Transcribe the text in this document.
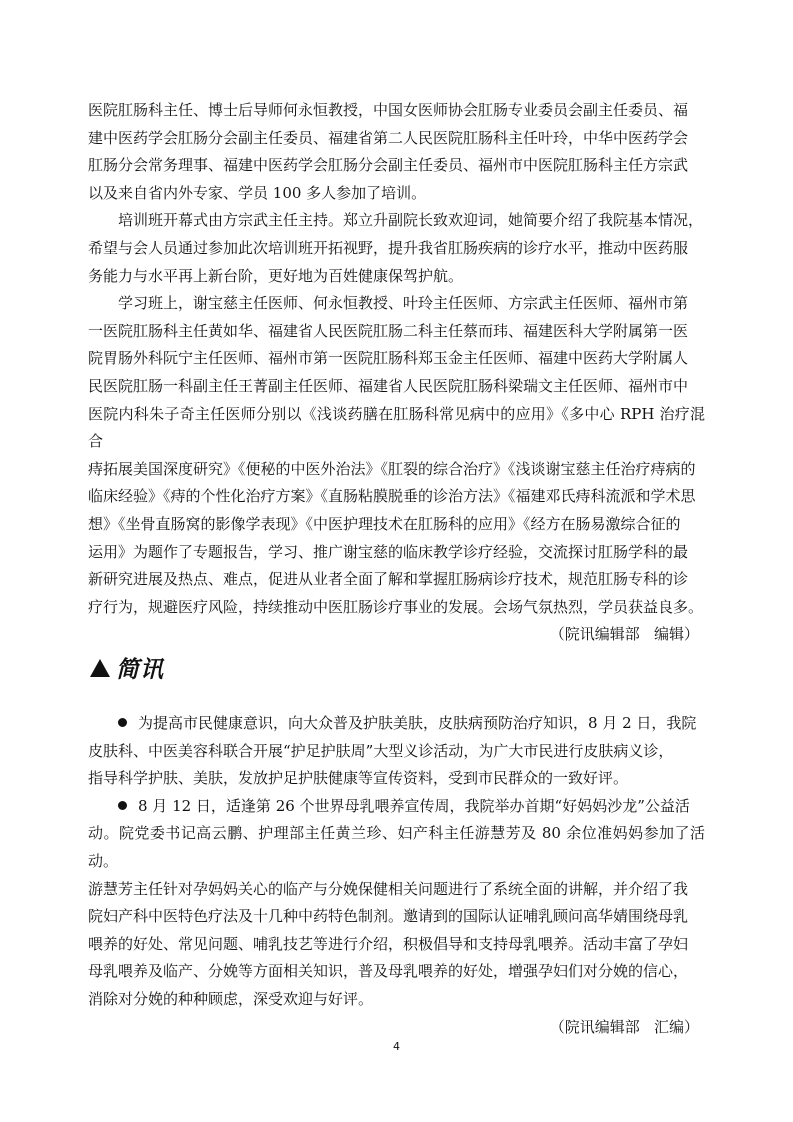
医院肛肠科主任、博士后导师何永恒教授，中国女医师协会肛肠专业委员会副主任委员、福
建中医药学会肛肠分会副主任委员、福建省第二人民医院肛肠科主任叶玲，中华中医药学会
肛肠分会常务理事、福建中医药学会肛肠分会副主任委员、福州市中医院肛肠科主任方宗武
以及来自省内外专家、学员 100 多人参加了培训。

培训班开幕式由方宗武主任主持。郑立升副院长致欢迎词，她简要介绍了我院基本情况，
希望与会人员通过参加此次培训班开拓视野，提升我省肛肠疾病的诊疗水平，推动中医药服
务能力与水平再上新台阶，更好地为百姓健康保驾护航。

学习班上，谢宝慈主任医师、何永恒教授、叶玲主任医师、方宗武主任医师、福州市第
一医院肛肠科主任黄如华、福建省人民医院肛肠二科主任蔡而玮、福建医科大学附属第一医
院胃肠外科阮宁主任医师、福州市第一医院肛肠科郑玉金主任医师、福建中医药大学附属人
民医院肛肠一科副主任王菁副主任医师、福建省人民医院肛肠科梁瑞文主任医师、福州市中
医院内科朱子奇主任医师分别以《浅谈药膳在肛肠科常见病中的应用》《多中心 RPH 治疗混合
痔拓展美国深度研究》《便秘的中医外治法》《肛裂的综合治疗》《浅谈谢宝慈主任治疗痔病的
临床经验》《痔的个性化治疗方案》《直肠粘膜脱垂的诊治方法》《福建邓氏痔科流派和学术思
想》《坐骨直肠窝的影像学表现》《中医护理技术在肛肠科的应用》《经方在肠易激综合征的
运用》为题作了专题报告，学习、推广谢宝慈的临床教学诊疗经验，交流探讨肛肠学科的最
新研究进展及热点、难点，促进从业者全面了解和掌握肛肠病诊疗技术，规范肛肠专科的诊
疗行为，规避医疗风险，持续推动中医肛肠诊疗事业的发展。会场气氛热烈，学员获益良多。

（院讯编辑部   编辑）

简讯

为提高市民健康意识，向大众普及护肤美肤，皮肤病预防治疗知识，8 月 2 日，我院
皮肤科、中医美容科联合开展“护足护肤周”大型义诊活动，为广大市民进行皮肤病义诊，
指导科学护肤、美肤，发放护足护肤健康等宣传资料，受到市民群众的一致好评。

8 月 12 日，适逢第 26 个世界母乳喂养宣传周，我院举办首期“好妈妈沙龙”公益活
动。院党委书记高云鹏、护理部主任黄兰珍、妇产科主任游慧芳及 80 余位准妈妈参加了活动。
游慧芳主任针对孕妈妈关心的临产与分娩保健相关问题进行了系统全面的讲解，并介绍了我
院妇产科中医特色疗法及十几种中药特色制剂。邀请到的国际认证哺乳顾问高华婧围绕母乳
喂养的好处、常见问题、哺乳技艺等进行介绍，积极倡导和支持母乳喂养。活动丰富了孕妇
母乳喂养及临产、分娩等方面相关知识，普及母乳喂养的好处，增强孕妇们对分娩的信心，
消除对分娩的种种顾虑，深受欢迎与好评。

（院讯编辑部   汇编）

4
